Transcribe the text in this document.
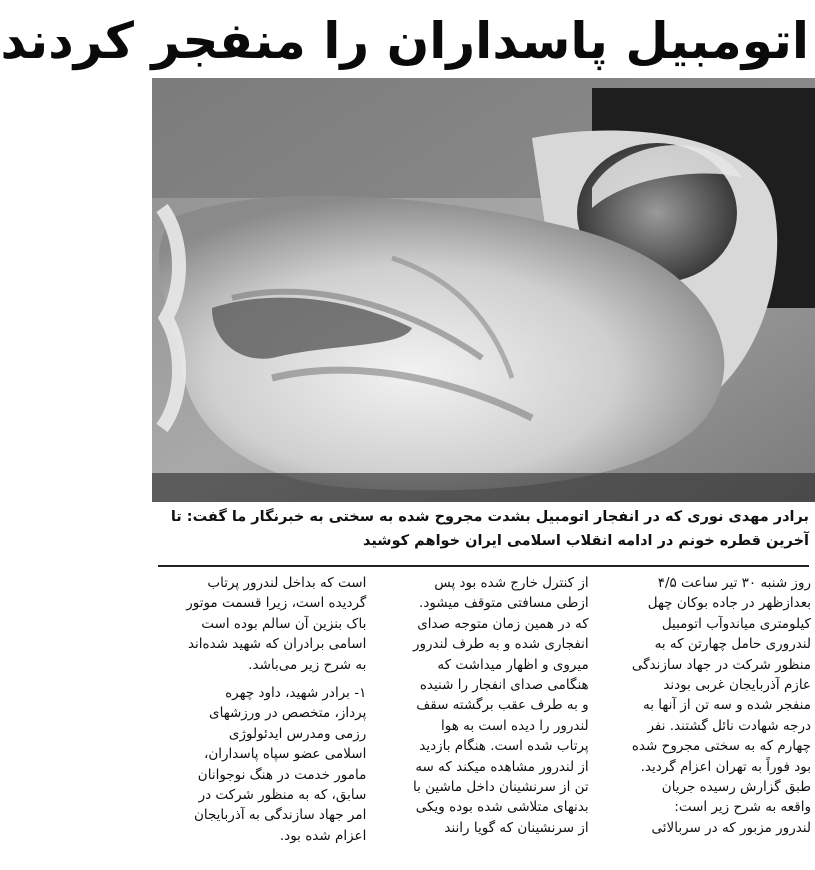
اتومبیل پاسداران را منفجر کردند
برادر مهدی نوری که در انفجار اتومبیل بشدت مجروح شده به سختی به خبرنگار ما گفت: تا
آخرین قطره خونم در ادامه انقلاب اسلامی ایران خواهم کوشید
روز شنبه ۳۰ تیر ساعت ۴/۵
بعدازظهر در جاده بوکان چهل
کیلومتری میاندوآب اتومبیل
لندروری حامل چهارتن که به
منظور شرکت در جهاد سازندگی
عازم آذربایجان غربی بودند
منفجر شده و سه تن از آنها به
درجه شهادت نائل گشتند. نفر
چهارم که به سختی مجروح شده
بود فوراً به تهران اعزام گردید.
طبق گزارش رسیده جریان
واقعه به شرح زیر است:
لندرور مزبور که در سربالائی
از کنترل خارج شده بود پس
ازطی مسافتی متوقف میشود.
که در همین زمان متوجه صدای
انفجاری شده و به طرف لندرور
میروی و اظهار میداشت که
هنگامی صدای انفجار را شنیده
و به طرف عقب برگشته سقف
لندرور را دیده است به هوا
پرتاب شده است. هنگام بازدید
از لندرور مشاهده میکند که سه
تن از سرنشینان داخل ماشین با
بدنهای متلاشی شده بوده ویکی
از سرنشینان که گویا رانند
است که بداخل لندرور پرتاب
گردیده است، زیرا قسمت موتور
باک بنزین آن سالم بوده است
اسامی برادران که شهید شده‌اند
به شرح زیر می‌باشد.
۱- برادر شهید، داود چهره
پرداز، متخصص در ورزشهای
رزمی ومدرس ایدئولوژی
اسلامی عضو سپاه پاسداران،
مامور خدمت در هنگ نوجوانان
سابق، که به منظور شرکت در
امر جهاد سازندگی به آذربایجان
اعزام شده بود.
